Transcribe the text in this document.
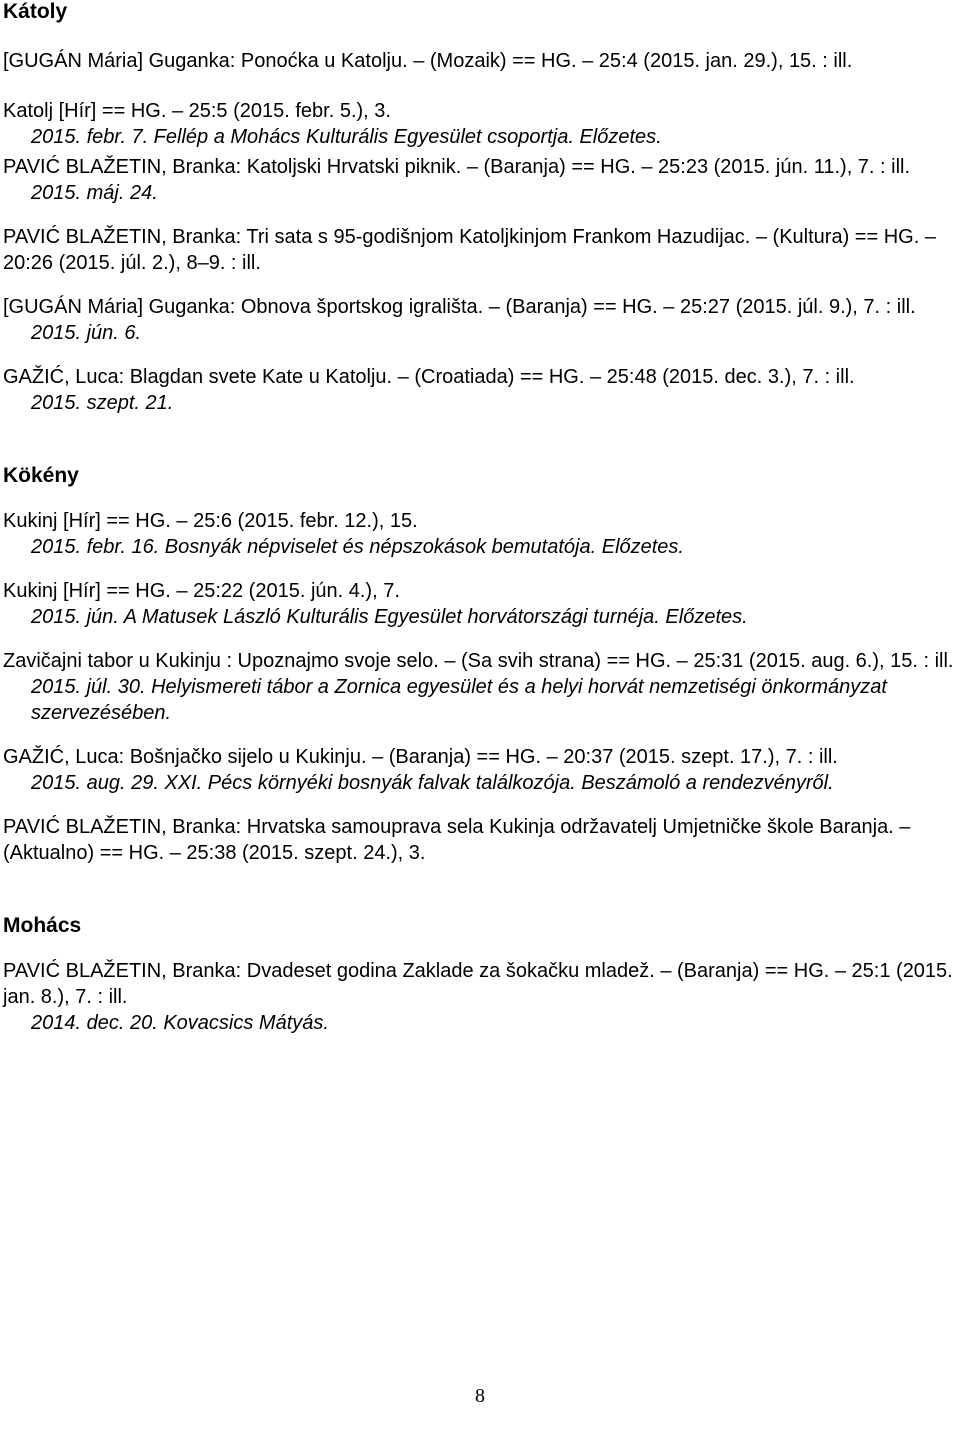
Kátoly
[GUGÁN Mária] Guganka: Ponoćka u Katolju. – (Mozaik) == HG. – 25:4 (2015. jan. 29.), 15. : ill.
Katolj [Hír] == HG. – 25:5 (2015. febr. 5.), 3.
2015. febr. 7. Fellép a Mohács Kulturális Egyesület csoportja. Előzetes.
PAVIĆ BLAŽETIN, Branka: Katoljski Hrvatski piknik. – (Baranja) == HG. – 25:23 (2015. jún. 11.), 7. : ill.
2015. máj. 24.
PAVIĆ BLAŽETIN, Branka: Tri sata s 95-godišnjom Katoljkinjom Frankom Hazudijac. – (Kultura) == HG. – 20:26 (2015. júl. 2.), 8–9. : ill.
[GUGÁN Mária] Guganka: Obnova športskog igrališta. – (Baranja) == HG. – 25:27 (2015. júl. 9.), 7. : ill.
2015. jún. 6.
GAŽIĆ, Luca: Blagdan svete Kate u Katolju. – (Croatiada) == HG. – 25:48 (2015. dec. 3.), 7. : ill.
2015. szept. 21.
Kökény
Kukinj [Hír] == HG. – 25:6 (2015. febr. 12.), 15.
2015. febr. 16. Bosnyák népviselet és népszokások bemutatója. Előzetes.
Kukinj [Hír] == HG. – 25:22 (2015. jún. 4.), 7.
2015. jún. A Matusek László Kulturális Egyesület horvátországi turnéja. Előzetes.
Zavičajni tabor u Kukinju : Upoznajmo svoje selo. – (Sa svih strana) == HG. – 25:31 (2015. aug. 6.), 15. : ill.
2015. júl. 30. Helyismereti tábor a Zornica egyesület és a helyi horvát nemzetiségi önkormányzat szervezésében.
GAŽIĆ, Luca: Bošnjačko sijelo u Kukinju. – (Baranja) == HG. – 20:37 (2015. szept. 17.), 7. : ill.
2015. aug. 29. XXI. Pécs környéki bosnyák falvak találkozója. Beszámoló a rendezvényről.
PAVIĆ BLAŽETIN, Branka: Hrvatska samouprava sela Kukinja održavatelj Umjetničke škole Baranja. – (Aktualno) == HG. – 25:38 (2015. szept. 24.), 3.
Mohács
PAVIĆ BLAŽETIN, Branka: Dvadeset godina Zaklade za šokačku mladež. – (Baranja) == HG. – 25:1 (2015. jan. 8.), 7. : ill.
2014. dec. 20. Kovacsics Mátyás.
8
